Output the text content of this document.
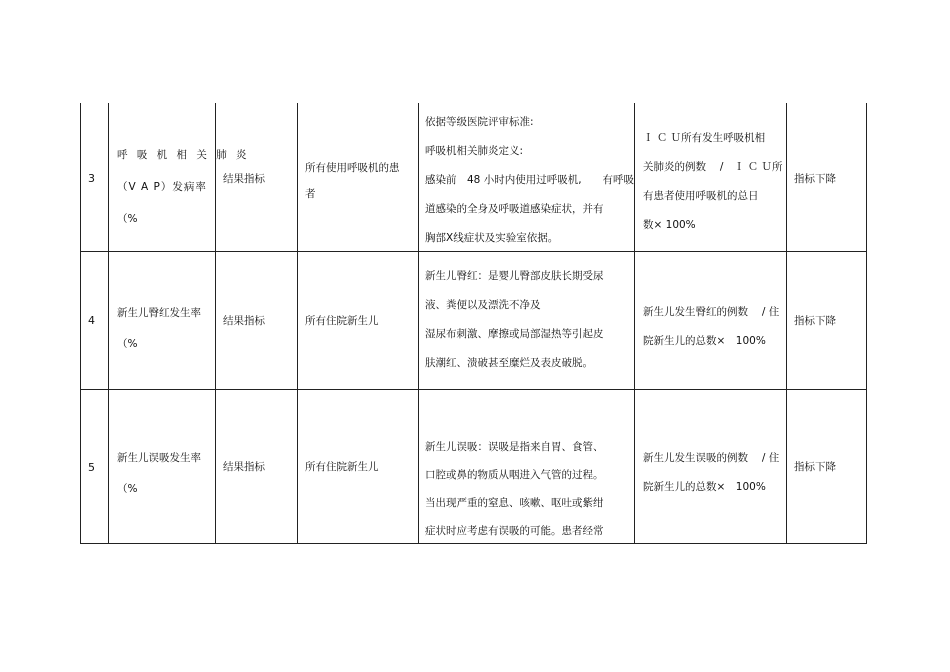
3
呼 吸 机 相 关 肺 炎
（V A P）发病率
（%
结果指标
所有使用呼吸机的患
者
依据等级医院评审标准:
呼吸机相关肺炎定义:
感染前　48 小时内使用过呼吸机,　　有呼吸
道感染的全身及呼吸道感染症状，并有
胸部X线症状及实验室依据。
Ｉ Ｃ Ｕ所有发生呼吸机相
关肺炎的例数　 /　Ｉ Ｃ Ｕ所
有患者使用呼吸机的总日
数× 100%
指标下降
4
新生儿臀红发生率
（%
结果指标	所有住院新生儿
新生儿臀红：是婴儿臀部皮肤长期受尿
液、粪便以及漂洗不净及
湿尿布刺激、摩擦或局部湿热等引起皮
肤潮红、溃破甚至糜烂及表皮破脱。
新生儿发生臀红的例数　 / 住
院新生儿的总数×　100%
指标下降
5
新生儿误吸发生率
（%
结果指标	所有住院新生儿
新生儿误吸：误吸是指来自胃、食管、
口腔或鼻的物质从咽进入气管的过程。
当出现严重的窒息、咳嗽、呕吐或紫绀
症状时应考虑有误吸的可能。患者经常
新生儿发生误吸的例数　 / 住
院新生儿的总数×　100%
指标下降
